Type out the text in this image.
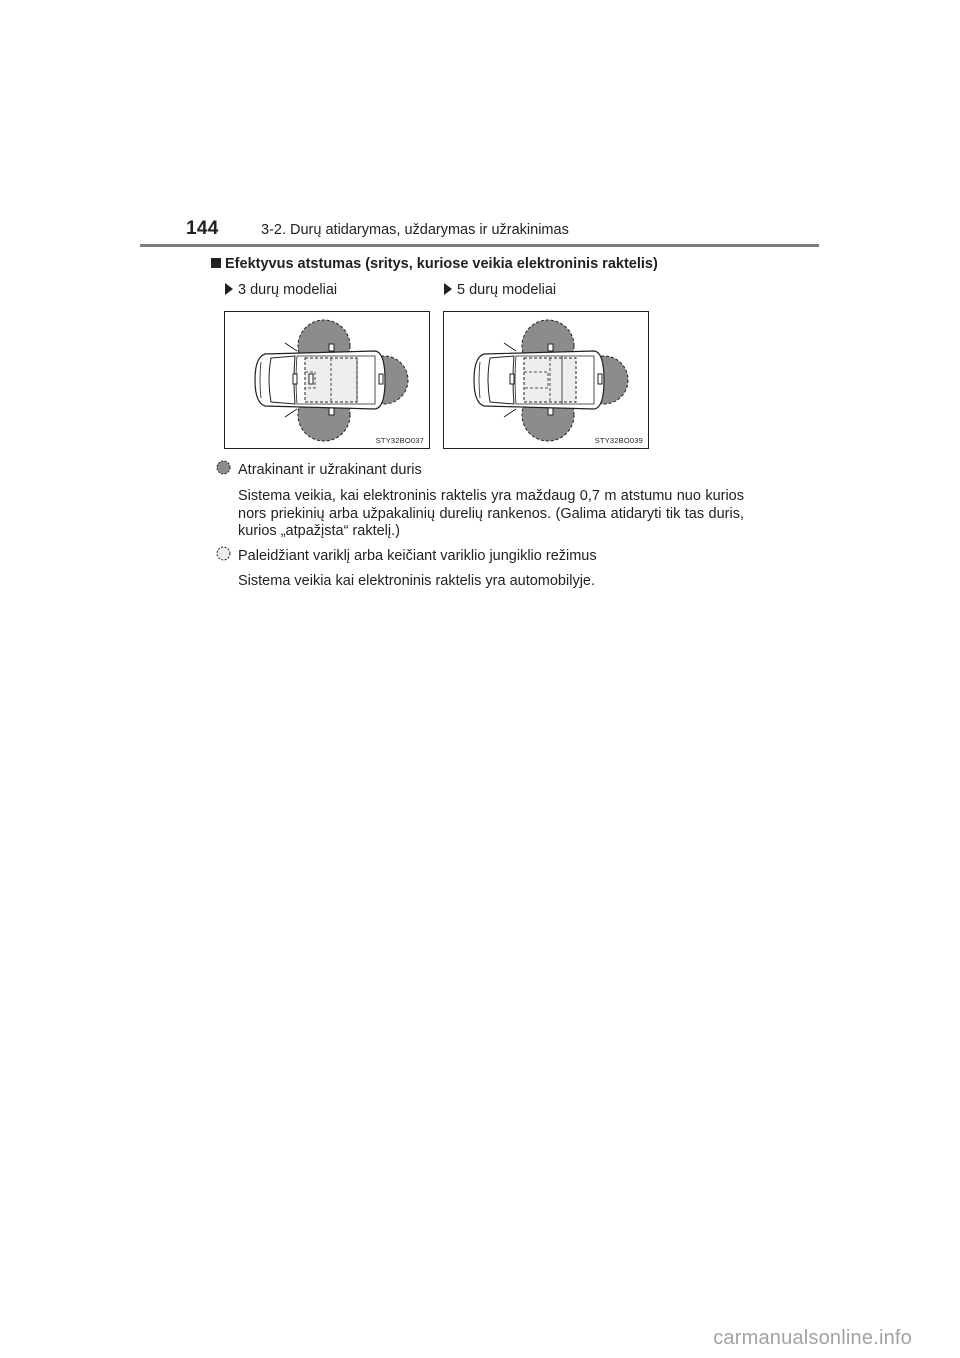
144	3-2. Durų atidarymas, uždarymas ir užrakinimas
Efektyvus atstumas (sritys, kuriose veikia elektroninis raktelis)
3 durų modeliai	5 durų modeliai
STY32BO037	STY32BO039
Atrakinant ir užrakinant duris
Sistema veikia, kai elektroninis raktelis yra maždaug 0,7 m atstumu nuo kurios nors priekinių arba užpakalinių durelių rankenos. (Galima atidaryti tik tas duris, kurios „atpažįsta“ raktelį.)
Paleidžiant variklį arba keičiant variklio jungiklio režimus
Sistema veikia kai elektroninis raktelis yra automobilyje.
carmanualsonline.info
